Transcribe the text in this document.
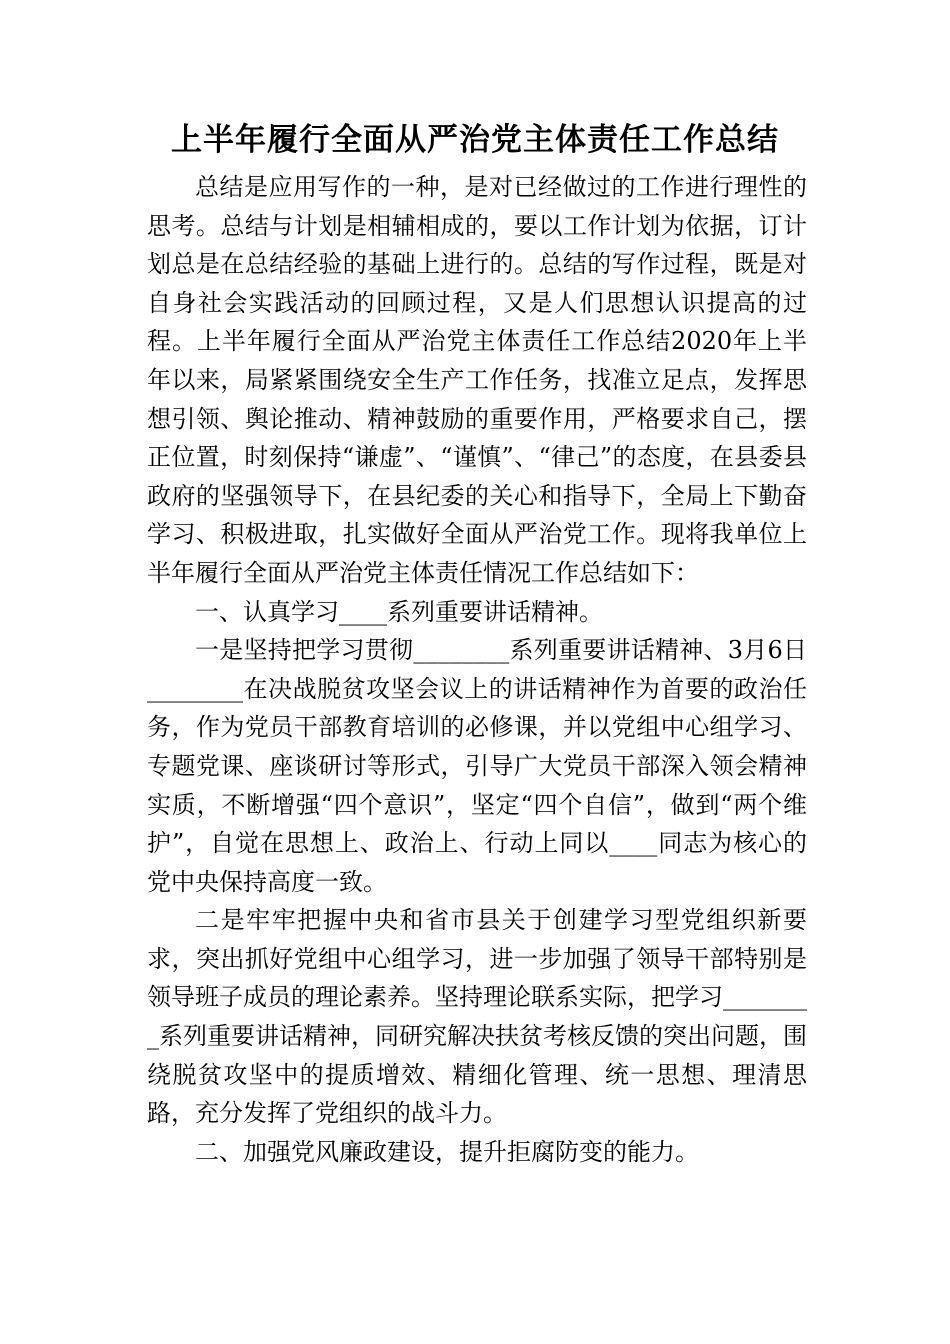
上半年履行全面从严治党主体责任工作总结

总结是应用写作的一种，是对已经做过的工作进行理性的思考。总结与计划是相辅相成的，要以工作计划为依据，订计划总是在总结经验的基础上进行的。总结的写作过程，既是对自身社会实践活动的回顾过程，又是人们思想认识提高的过程。上半年履行全面从严治党主体责任工作总结2020年上半年以来，局紧紧围绕安全生产工作任务，找准立足点，发挥思想引领、舆论推动、精神鼓励的重要作用，严格要求自己，摆正位置，时刻保持“谦虚”、“谨慎”、“律己”的态度，在县委县政府的坚强领导下，在县纪委的关心和指导下，全局上下勤奋学习、积极进取，扎实做好全面从严治党工作。现将我单位上半年履行全面从严治党主体责任情况工作总结如下：

一、认真学习____系列重要讲话精神。

一是坚持把学习贯彻________系列重要讲话精神、3月6日________在决战脱贫攻坚会议上的讲话精神作为首要的政治任务，作为党员干部教育培训的必修课，并以党组中心组学习、专题党课、座谈研讨等形式，引导广大党员干部深入领会精神实质，不断增强“四个意识”，坚定“四个自信”，做到“两个维护”，自觉在思想上、政治上、行动上同以____同志为核心的党中央保持高度一致。

二是牢牢把握中央和省市县关于创建学习型党组织新要求，突出抓好党组中心组学习，进一步加强了领导干部特别是领导班子成员的理论素养。坚持理论联系实际，把学习________系列重要讲话精神，同研究解决扶贫考核反馈的突出问题，围绕脱贫攻坚中的提质增效、精细化管理、统一思想、理清思路，充分发挥了党组织的战斗力。

二、加强党风廉政建设，提升拒腐防变的能力。
